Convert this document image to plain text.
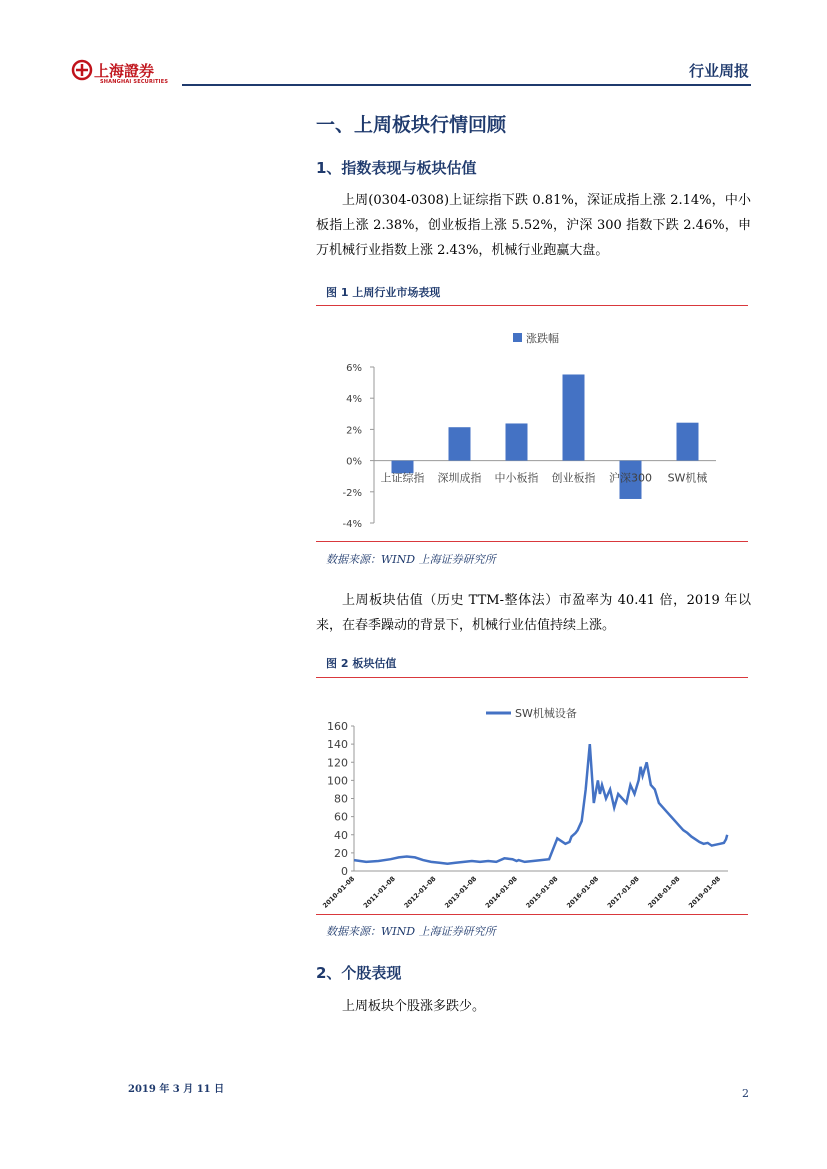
上海證券
SHANGHAI SECURITIES
行业周报
一、上周板块行情回顾
1、指数表现与板块估值

上周(0304-0308)上证综指下跌 0.81%，深证成指上涨 2.14%，中小板指上涨 2.38%，创业板指上涨 5.52%，沪深 300 指数下跌 2.46%，申万机械行业指数上涨 2.43%，机械行业跑赢大盘。

图 1 上周行业市场表现
涨跌幅
6%
4%
2%
0%
-2%
-4%
上证综指 深圳成指 中小板指 创业板指 沪深300 SW机械
数据来源：WIND 上海证券研究所

上周板块估值（历史 TTM-整体法）市盈率为 40.41 倍，2019 年以来，在春季躁动的背景下，机械行业估值持续上涨。

图 2 板块估值
SW机械设备
160
140
120
100
80
60
40
20
0
2010-01-08 2011-01-08 2012-01-08 2013-01-08 2014-01-08 2015-01-08 2016-01-08 2017-01-08 2018-01-08 2019-01-08
数据来源：WIND 上海证券研究所
2、个股表现

上周板块个股涨多跌少。

2019 年 3 月 11 日	2
